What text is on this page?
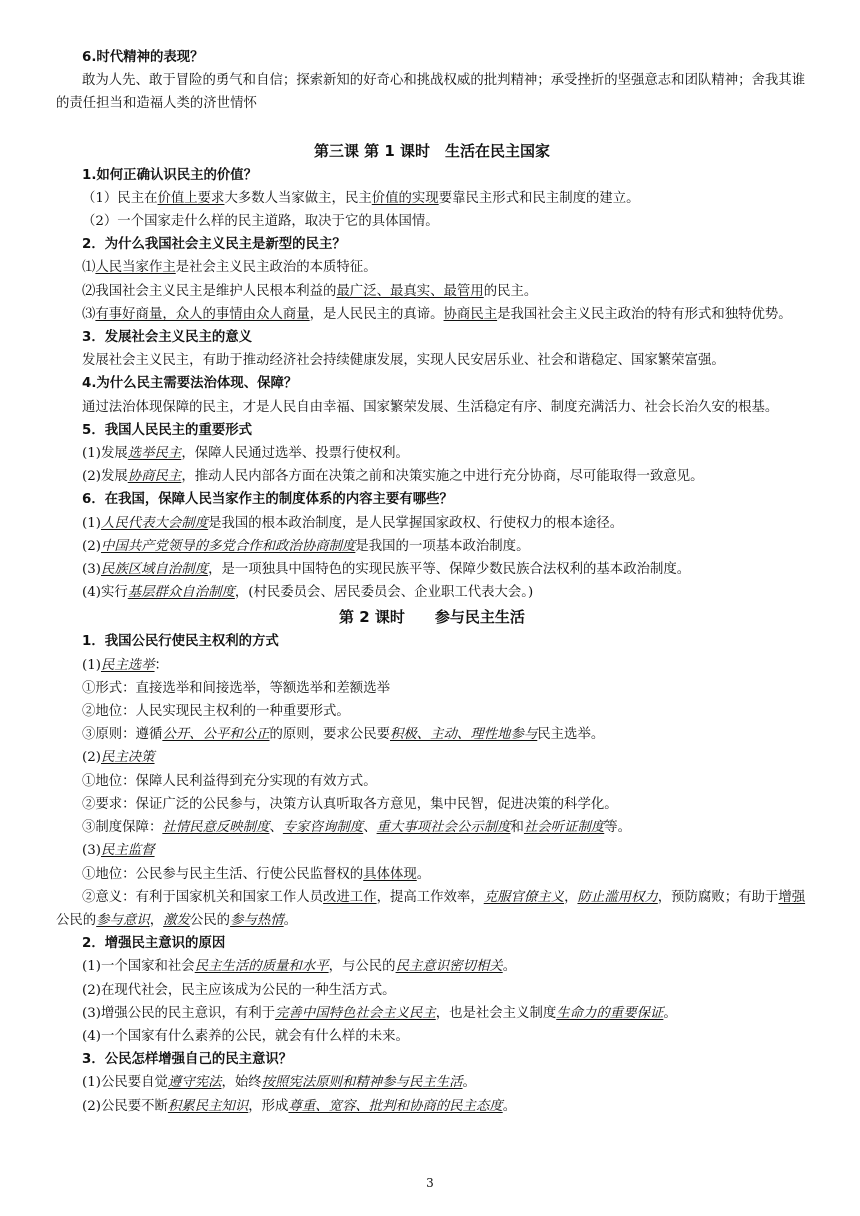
6.时代精神的表现？

敢为人先、敢于冒险的勇气和自信；探索新知的好奇心和挑战权威的批判精神；承受挫折的坚强意志和团队精神；舍我其谁的责任担当和造福人类的济世情怀

第三课 第 1 课时　生活在民主国家
1.如何正确认识民主的价值？

（1）民主在价值上要求大多数人当家做主，民主价值的实现要靠民主形式和民主制度的建立。

（2）一个国家走什么样的民主道路，取决于它的具体国情。

2．为什么我国社会主义民主是新型的民主？

⑴人民当家作主是社会主义民主政治的本质特征。

⑵我国社会主义民主是维护人民根本利益的最广泛、最真实、最管用的民主。

⑶有事好商量，众人的事情由众人商量，是人民民主的真谛。协商民主是我国社会主义民主政治的特有形式和独特优势。

3．发展社会主义民主的意义

发展社会主义民主，有助于推动经济社会持续健康发展，实现人民安居乐业、社会和谐稳定、国家繁荣富强。

4.为什么民主需要法治体现、保障？

通过法治体现保障的民主，才是人民自由幸福、国家繁荣发展、生活稳定有序、制度充满活力、社会长治久安的根基。

5．我国人民民主的重要形式

(1)发展选举民主，保障人民通过选举、投票行使权利。

(2)发展协商民主，推动人民内部各方面在决策之前和决策实施之中进行充分协商，尽可能取得一致意见。

6．在我国，保障人民当家作主的制度体系的内容主要有哪些？

(1)人民代表大会制度是我国的根本政治制度，是人民掌握国家政权、行使权力的根本途径。

(2)中国共产党领导的多党合作和政治协商制度是我国的一项基本政治制度。

(3)民族区域自治制度，是一项独具中国特色的实现民族平等、保障少数民族合法权利的基本政治制度。

(4)实行基层群众自治制度，(村民委员会、居民委员会、企业职工代表大会。)

第 2 课时　　参与民主生活
1．我国公民行使民主权利的方式

(1)民主选举：

①形式：直接选举和间接选举，等额选举和差额选举

②地位：人民实现民主权利的一种重要形式。

③原则：遵循公开、公平和公正的原则，要求公民要积极、主动、理性地参与民主选举。

(2)民主决策

①地位：保障人民利益得到充分实现的有效方式。

②要求：保证广泛的公民参与，决策方认真听取各方意见，集中民智，促进决策的科学化。

③制度保障：社情民意反映制度、专家咨询制度、重大事项社会公示制度和社会听证制度等。

(3)民主监督

①地位：公民参与民主生活、行使公民监督权的具体体现。

②意义：有利于国家机关和国家工作人员改进工作，提高工作效率，克服官僚主义，防止滥用权力，预防腐败；有助于增强公民的参与意识，激发公民的参与热情。

2．增强民主意识的原因

(1)一个国家和社会民主生活的质量和水平，与公民的民主意识密切相关。

(2)在现代社会，民主应该成为公民的一种生活方式。

(3)增强公民的民主意识，有利于完善中国特色社会主义民主，也是社会主义制度生命力的重要保证。

(4)一个国家有什么素养的公民，就会有什么样的未来。

3．公民怎样增强自己的民主意识？

(1)公民要自觉遵守宪法，始终按照宪法原则和精神参与民主生活。

(2)公民要不断积累民主知识，形成尊重、宽容、批判和协商的民主态度。

3
